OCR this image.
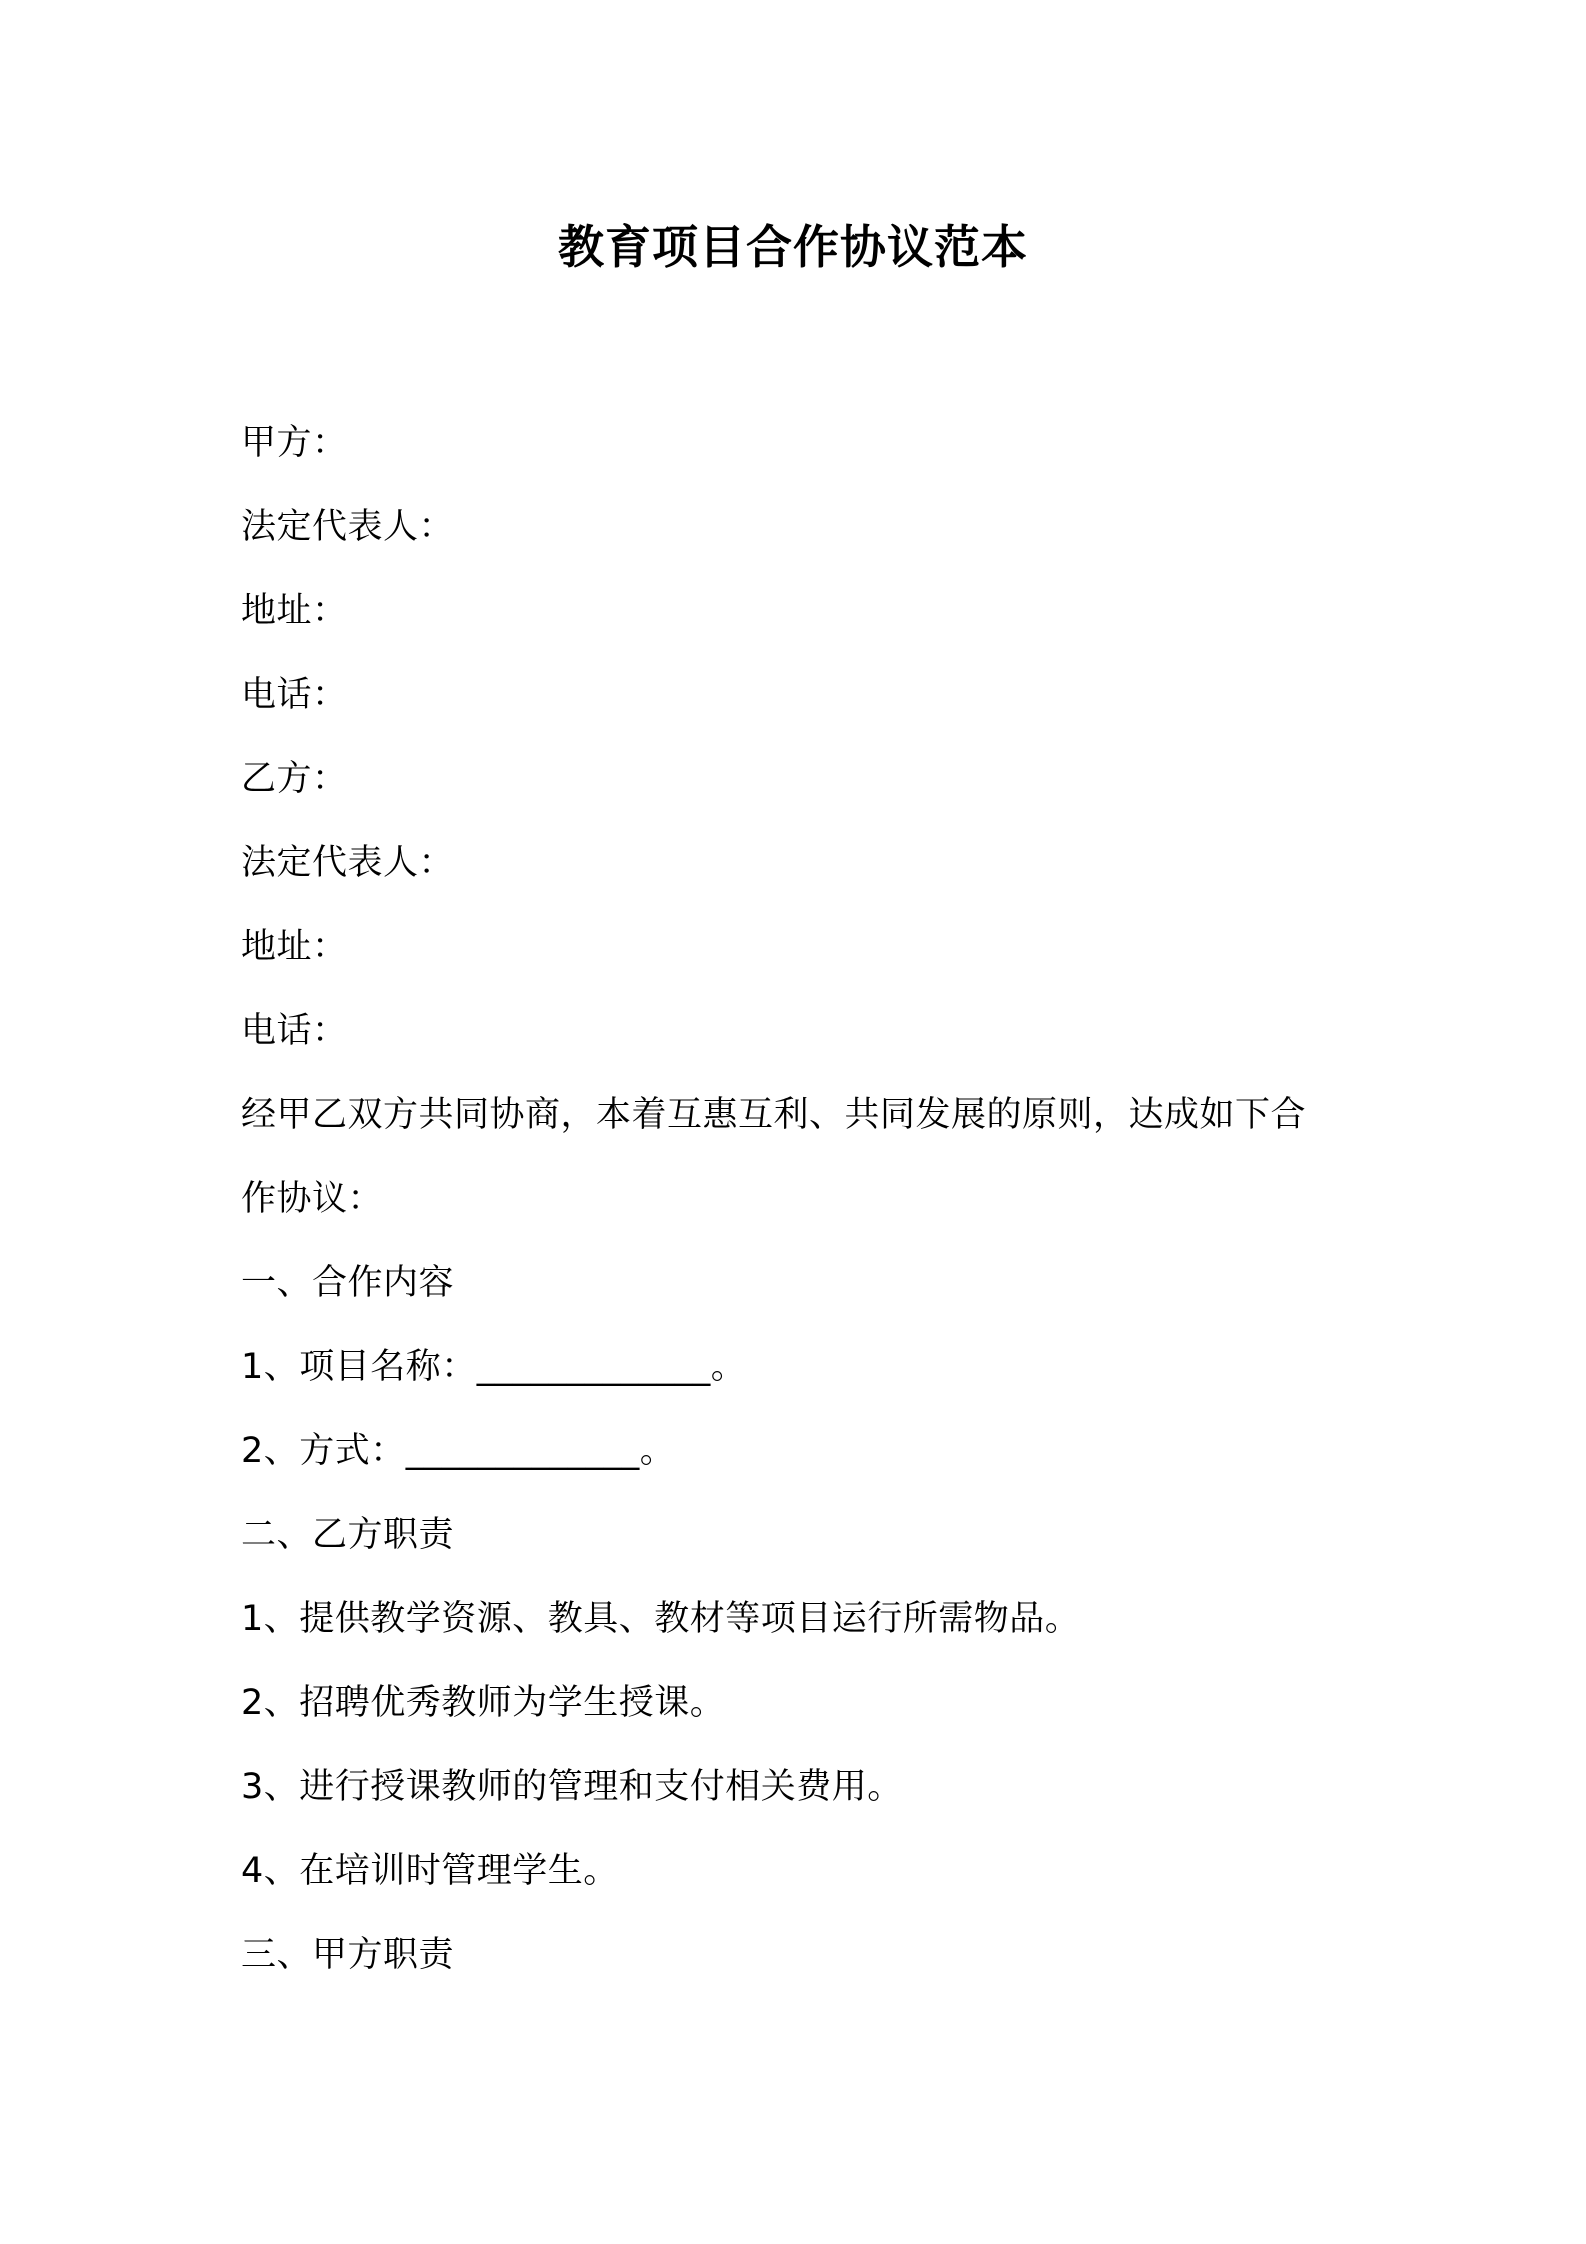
教育项目合作协议范本
甲方：
法定代表人：
地址：
电话：
乙方：
法定代表人：
地址：
电话：
经甲乙双方共同协商，本着互惠互利、共同发展的原则，达成如下合
作协议：
一、合作内容
1、项目名称：_____________。
2、方式：_____________。
二、乙方职责
1、提供教学资源、教具、教材等项目运行所需物品。
2、招聘优秀教师为学生授课。
3、进行授课教师的管理和支付相关费用。
4、在培训时管理学生。
三、甲方职责
